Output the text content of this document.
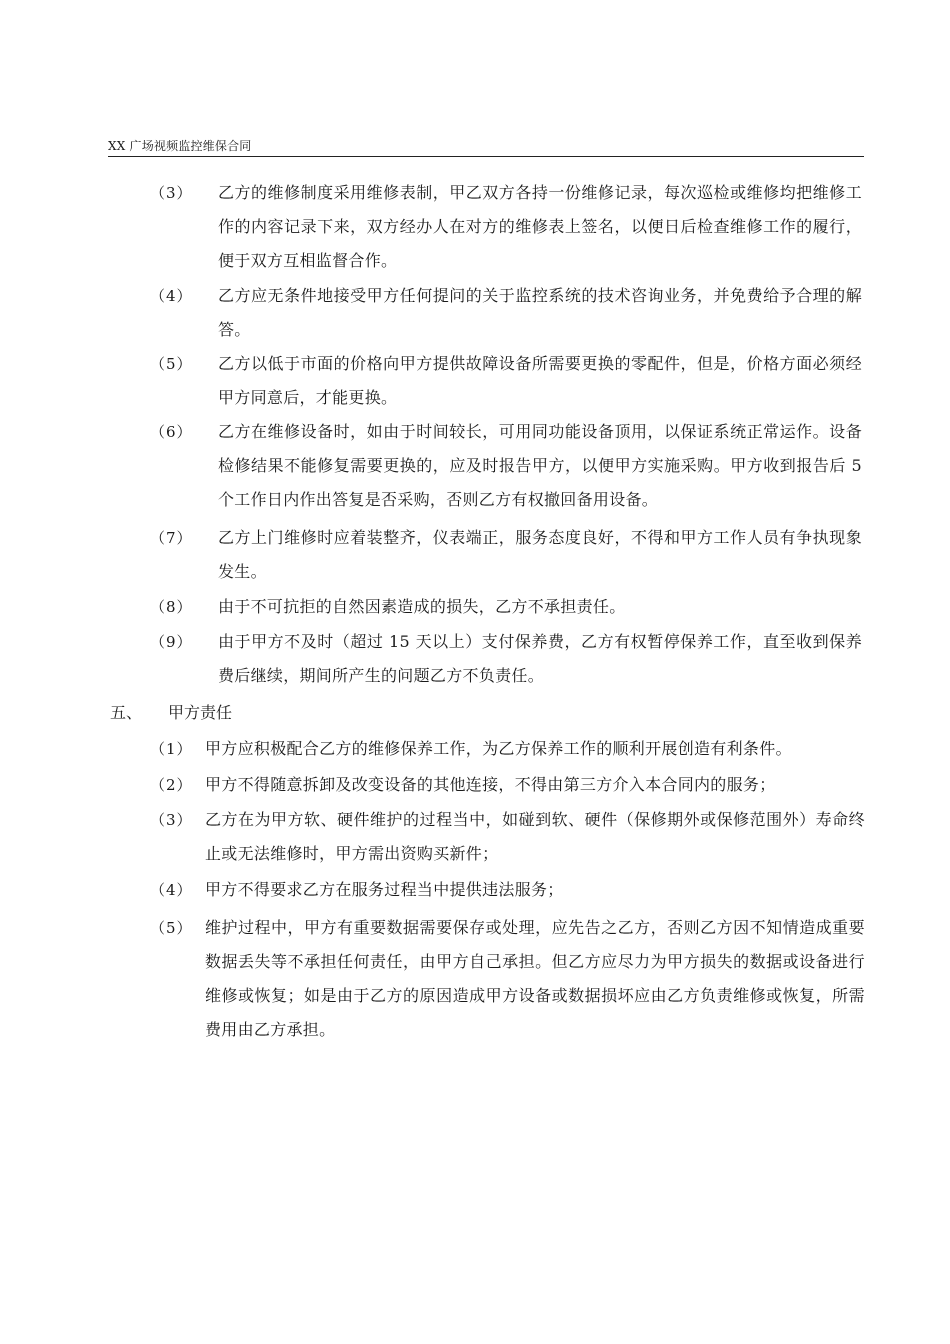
XX 广场视频监控维保合同
（3） 乙方的维修制度采用维修表制，甲乙双方各持一份维修记录，每次巡检或维修均把维修工作的内容记录下来，双方经办人在对方的维修表上签名，以便日后检查维修工作的履行，便于双方互相监督合作。
（4） 乙方应无条件地接受甲方任何提问的关于监控系统的技术咨询业务，并免费给予合理的解答。
（5） 乙方以低于市面的价格向甲方提供故障设备所需要更换的零配件，但是，价格方面必须经甲方同意后，才能更换。
（6） 乙方在维修设备时，如由于时间较长，可用同功能设备顶用，以保证系统正常运作。设备检修结果不能修复需要更换的，应及时报告甲方，以便甲方实施采购。甲方收到报告后 5 个工作日内作出答复是否采购，否则乙方有权撤回备用设备。
（7） 乙方上门维修时应着装整齐，仪表端正，服务态度良好，不得和甲方工作人员有争执现象发生。
（8） 由于不可抗拒的自然因素造成的损失，乙方不承担责任。
（9） 由于甲方不及时（超过 15 天以上）支付保养费，乙方有权暂停保养工作，直至收到保养费后继续，期间所产生的问题乙方不负责任。
五、 甲方责任
（1） 甲方应积极配合乙方的维修保养工作，为乙方保养工作的顺利开展创造有利条件。
（2） 甲方不得随意拆卸及改变设备的其他连接，不得由第三方介入本合同内的服务；
（3） 乙方在为甲方软、硬件维护的过程当中，如碰到软、硬件（保修期外或保修范围外）寿命终止或无法维修时，甲方需出资购买新件；
（4） 甲方不得要求乙方在服务过程当中提供违法服务；
（5） 维护过程中，甲方有重要数据需要保存或处理，应先告之乙方，否则乙方因不知情造成重要数据丢失等不承担任何责任，由甲方自己承担。但乙方应尽力为甲方损失的数据或设备进行维修或恢复；如是由于乙方的原因造成甲方设备或数据损坏应由乙方负责维修或恢复，所需费用由乙方承担。
